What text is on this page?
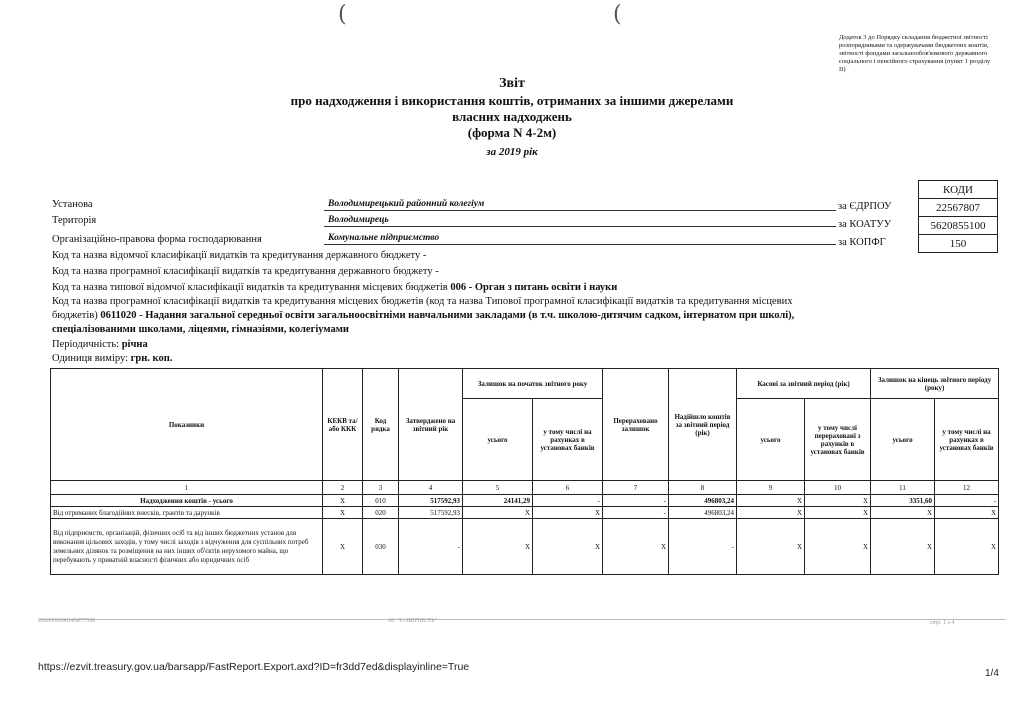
(	(
Додаток 3 до Порядку складання бюджетної звітності розпорядниками та одержувачами бюджетних коштів, звітності фондами загальнообов'язкового державного соціального і пенсійного страхування (пункт 1 розділу II)
Звіт
про надходження і використання коштів, отриманих за іншими джерелами
власних надходжень
(форма N 4-2м)
за 2019 рік
КОДИ
22567807
5620855100
150
за ЄДРПОУ
за КОАТУУ
за КОПФГ
Установа	Володимирецький районний колегіум
Територія	Володимирець
Організаційно-правова форма господарювання	Комунальне підприємство
Код та назва відомчої класифікації видатків та кредитування державного бюджету -
Код та назва програмної класифікації видатків та кредитування державного бюджету -
Код та назва типової відомчої класифікації видатків та кредитування місцевих бюджетів 006 - Орган з питань освіти і науки
Код та назва програмної класифікації видатків та кредитування місцевих бюджетів (код та назва Типової програмної класифікації видатків та кредитування місцевих
бюджетів) 0611020 - Надання загальної середньої освіти загальноосвітніми навчальними закладами (в т.ч. школою-дитячим садком, інтернатом при школі),
спеціалізованими школами, ліцеями, гімназіями, колегіумами
Періодичність: річна
Одиниця виміру: грн. коп.
Показники	КЕКВ та/або ККК	Код рядка	Затверджено на звітний рік	Залишок на початок звітного року		Перераховано залишок	Надійшло коштів за звітний період (рік)	Касові за звітний період (рік)		Залишок на кінець звітного періоду (року)	
				усього	у тому числі на рахунках в установах банків			усього	у тому числі перераховані з рахунків в установах банків	усього	у тому числі на рахунках в установах банків
1	2	3	4	5	6	7	8	9	10	11	12
Надходження коштів - усього	X	010	517592,93	24141,29	-	-	496803,24	X	X	3351,60	-
Від отриманих благодійних внесків, грантів та дарунків	X	020	517592,93	X	X	-	496803,24	X	X	X	X
Від підприємств, організацій, фізичних осіб та від інших бюджетних установ для виконання цільових заходів, у тому числі заходів з відчуження для суспільних потреб земельних ділянок та розміщення на них інших об'єктів нерухомого майна, що перебувають у приватній власності фізичних або юридичних осіб	X	030	-	X	X	X	-	X	X	X	X
2020000096145677556	АС "Є-ЗВІТНІСТЬ"	стр. 1 з 4
https://ezvit.treasury.gov.ua/barsapp/FastReport.Export.axd?ID=fr3dd7ed&displayinline=True
1/4
